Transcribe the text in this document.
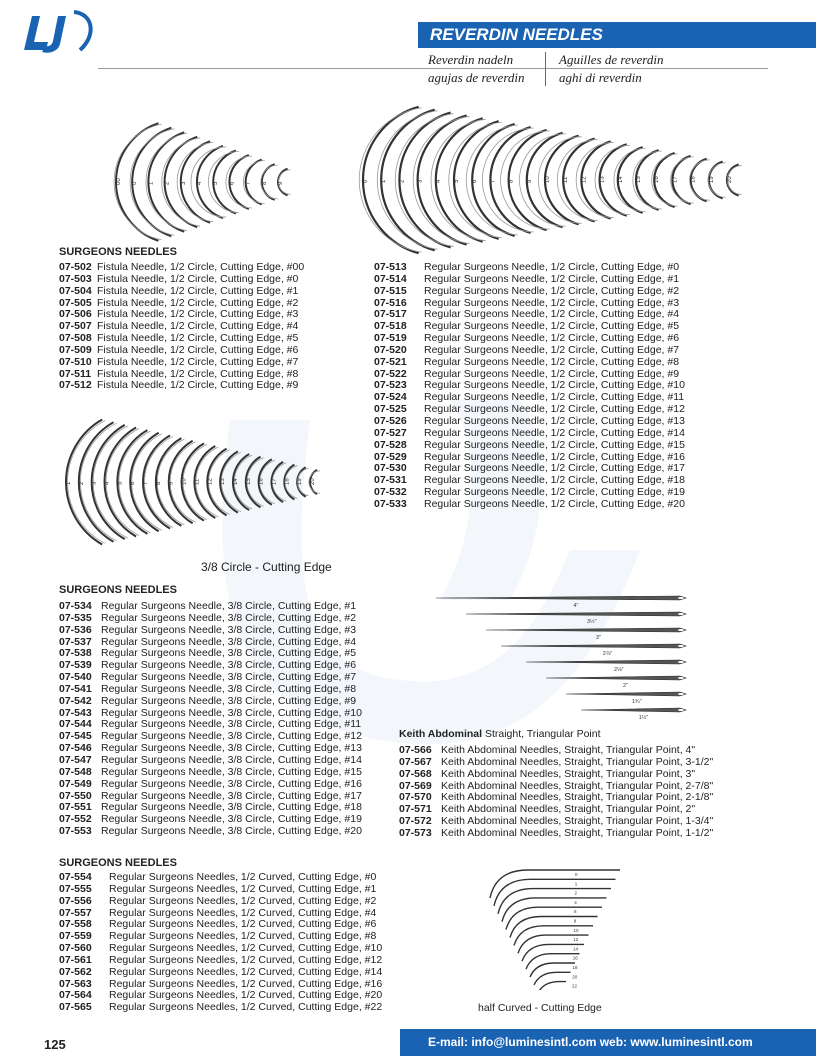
REVERDIN NEEDLES
Reverdin nadeln	Aguilles de reverdin
agujas de reverdin	aghi di reverdin
00 0 1 2 3 4 5 6 7 8 9
0 1 2 3 4 5 6 7 8 9 10 11 12 13 14 15 16 17 18 19 20
1 2 3 4 5 6 7 8 9 10 11 12 13 14 15 16 17 18 19 20
4"
3½"
3"
2⅞"
2⅛"
2"
1¾"
1½"
0
1
2
4
6
8
10
12
14
16
18
20
22
SURGEONS NEEDLES
07-502 Fistula Needle, 1/2 Circle, Cutting Edge, #00
07-503 Fistula Needle, 1/2 Circle, Cutting Edge, #0
07-504 Fistula Needle, 1/2 Circle, Cutting Edge, #1
07-505 Fistula Needle, 1/2 Circle, Cutting Edge, #2
07-506 Fistula Needle, 1/2 Circle, Cutting Edge, #3
07-507 Fistula Needle, 1/2 Circle, Cutting Edge, #4
07-508 Fistula Needle, 1/2 Circle, Cutting Edge, #5
07-509 Fistula Needle, 1/2 Circle, Cutting Edge, #6
07-510 Fistula Needle, 1/2 Circle, Cutting Edge, #7
07-511 Fistula Needle, 1/2 Circle, Cutting Edge, #8
07-512 Fistula Needle, 1/2 Circle, Cutting Edge, #9
07-513 Regular Surgeons Needle, 1/2 Circle, Cutting Edge, #0
07-514 Regular Surgeons Needle, 1/2 Circle, Cutting Edge, #1
07-515 Regular Surgeons Needle, 1/2 Circle, Cutting Edge, #2
07-516 Regular Surgeons Needle, 1/2 Circle, Cutting Edge, #3
07-517 Regular Surgeons Needle, 1/2 Circle, Cutting Edge, #4
07-518 Regular Surgeons Needle, 1/2 Circle, Cutting Edge, #5
07-519 Regular Surgeons Needle, 1/2 Circle, Cutting Edge, #6
07-520 Regular Surgeons Needle, 1/2 Circle, Cutting Edge, #7
07-521 Regular Surgeons Needle, 1/2 Circle, Cutting Edge, #8
07-522 Regular Surgeons Needle, 1/2 Circle, Cutting Edge, #9
07-523 Regular Surgeons Needle, 1/2 Circle, Cutting Edge, #10
07-524 Regular Surgeons Needle, 1/2 Circle, Cutting Edge, #11
07-525 Regular Surgeons Needle, 1/2 Circle, Cutting Edge, #12
07-526 Regular Surgeons Needle, 1/2 Circle, Cutting Edge, #13
07-527 Regular Surgeons Needle, 1/2 Circle, Cutting Edge, #14
07-528 Regular Surgeons Needle, 1/2 Circle, Cutting Edge, #15
07-529 Regular Surgeons Needle, 1/2 Circle, Cutting Edge, #16
07-530 Regular Surgeons Needle, 1/2 Circle, Cutting Edge, #17
07-531 Regular Surgeons Needle, 1/2 Circle, Cutting Edge, #18
07-532 Regular Surgeons Needle, 1/2 Circle, Cutting Edge, #19
07-533 Regular Surgeons Needle, 1/2 Circle, Cutting Edge, #20
3/8 Circle - Cutting Edge
SURGEONS NEEDLES
07-534 Regular Surgeons Needle, 3/8 Circle, Cutting Edge, #1
07-535 Regular Surgeons Needle, 3/8 Circle, Cutting Edge, #2
07-536 Regular Surgeons Needle, 3/8 Circle, Cutting Edge, #3
07-537 Regular Surgeons Needle, 3/8 Circle, Cutting Edge, #4
07-538 Regular Surgeons Needle, 3/8 Circle, Cutting Edge, #5
07-539 Regular Surgeons Needle, 3/8 Circle, Cutting Edge, #6
07-540 Regular Surgeons Needle, 3/8 Circle, Cutting Edge, #7
07-541 Regular Surgeons Needle, 3/8 Circle, Cutting Edge, #8
07-542 Regular Surgeons Needle, 3/8 Circle, Cutting Edge, #9
07-543 Regular Surgeons Needle, 3/8 Circle, Cutting Edge, #10
07-544 Regular Surgeons Needle, 3/8 Circle, Cutting Edge, #11
07-545 Regular Surgeons Needle, 3/8 Circle, Cutting Edge, #12
07-546 Regular Surgeons Needle, 3/8 Circle, Cutting Edge, #13
07-547 Regular Surgeons Needle, 3/8 Circle, Cutting Edge, #14
07-548 Regular Surgeons Needle, 3/8 Circle, Cutting Edge, #15
07-549 Regular Surgeons Needle, 3/8 Circle, Cutting Edge, #16
07-550 Regular Surgeons Needle, 3/8 Circle, Cutting Edge, #17
07-551 Regular Surgeons Needle, 3/8 Circle, Cutting Edge, #18
07-552 Regular Surgeons Needle, 3/8 Circle, Cutting Edge, #19
07-553 Regular Surgeons Needle, 3/8 Circle, Cutting Edge, #20
Keith Abdominal Straight, Triangular Point
07-566 Keith Abdominal Needles, Straight, Triangular Point, 4"
07-567 Keith Abdominal Needles, Straight, Triangular Point, 3-1/2"
07-568 Keith Abdominal Needles, Straight, Triangular Point, 3"
07-569 Keith Abdominal Needles, Straight, Triangular Point, 2-7/8"
07-570 Keith Abdominal Needles, Straight, Triangular Point, 2-1/8"
07-571 Keith Abdominal Needles, Straight, Triangular Point, 2"
07-572 Keith Abdominal Needles, Straight, Triangular Point, 1-3/4"
07-573 Keith Abdominal Needles, Straight, Triangular Point, 1-1/2"
SURGEONS NEEDLES
07-554 Regular Surgeons Needles, 1/2 Curved, Cutting Edge, #0
07-555 Regular Surgeons Needles, 1/2 Curved, Cutting Edge, #1
07-556 Regular Surgeons Needles, 1/2 Curved, Cutting Edge, #2
07-557 Regular Surgeons Needles, 1/2 Curved, Cutting Edge, #4
07-558 Regular Surgeons Needles, 1/2 Curved, Cutting Edge, #6
07-559 Regular Surgeons Needles, 1/2 Curved, Cutting Edge, #8
07-560 Regular Surgeons Needles, 1/2 Curved, Cutting Edge, #10
07-561 Regular Surgeons Needles, 1/2 Curved, Cutting Edge, #12
07-562 Regular Surgeons Needles, 1/2 Curved, Cutting Edge, #14
07-563 Regular Surgeons Needles, 1/2 Curved, Cutting Edge, #16
07-564 Regular Surgeons Needles, 1/2 Curved, Cutting Edge, #20
07-565 Regular Surgeons Needles, 1/2 Curved, Cutting Edge, #22	half Curved - Cutting Edge
125	E-mail: info@luminesintl.com web: www.luminesintl.com
